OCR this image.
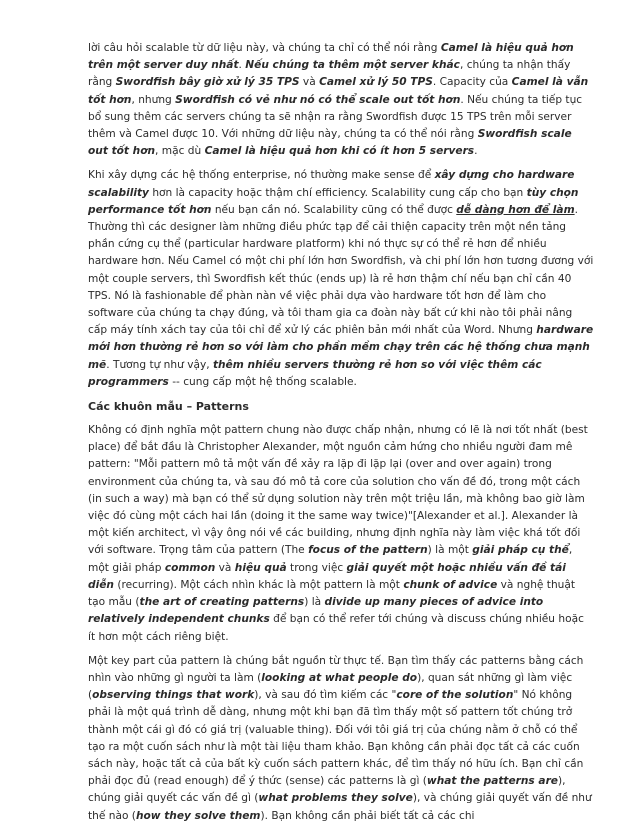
lời câu hỏi scalable từ dữ liệu này, và chúng ta chỉ có thể nói rằng Camel là hiệu quả hơn trên một server duy nhất. Nếu chúng ta thêm một server khác, chúng ta nhận thấy rằng Swordfish bây giờ xử lý 35 TPS và Camel xử lý 50 TPS. Capacity của Camel là vẫn tốt hơn, nhưng Swordfish có vẻ như nó có thể scale out tốt hơn. Nếu chúng ta tiếp tục bổ sung thêm các servers chúng ta sẽ nhận ra rằng Swordfish được 15 TPS trên mỗi server thêm và Camel được 10. Với những dữ liệu này, chúng ta có thể nói rằng Swordfish scale out tốt hơn, mặc dù Camel là hiệu quả hơn khi có ít hơn 5 servers.

Khi xây dựng các hệ thống enterprise, nó thường make sense để xây dựng cho hardware scalability hơn là capacity hoặc thậm chí efficiency. Scalability cung cấp cho bạn tùy chọn performance tốt hơn nếu bạn cần nó. Scalability cũng có thể được dễ dàng hơn để làm. Thường thì các designer làm những điều phức tạp để cải thiện capacity trên một nền tảng phần cứng cụ thể (particular hardware platform) khi nó thực sự có thể rẻ hơn để nhiều hardware hơn. Nếu Camel có một chi phí lớn hơn Swordfish, và chi phí lớn hơn tương đương với một couple servers, thì Swordfish kết thúc (ends up) là rẻ hơn thậm chí nếu bạn chỉ cần 40 TPS. Nó là fashionable để phàn nàn về việc phải dựa vào hardware tốt hơn để làm cho software của chúng ta chạy đúng, và tôi tham gia ca đoàn này bất cứ khi nào tôi phải nâng cấp máy tính xách tay của tôi chỉ để xử lý các phiên bản mới nhất của Word. Nhưng hardware mới hơn thường rẻ hơn so với làm cho phần mềm chạy trên các hệ thống chưa mạnh mẽ. Tương tự như vậy, thêm nhiều servers thường rẻ hơn so với việc thêm các programmers -- cung cấp một hệ thống scalable.

Các khuôn mẫu – Patterns

Không có định nghĩa một pattern chung nào được chấp nhận, nhưng có lẽ là nơi tốt nhất (best place) để bắt đầu là Christopher Alexander, một nguồn cảm hứng cho nhiều người đam mê pattern: "Mỗi pattern mô tả một vấn đề xảy ra lặp đi lặp lại (over and over again) trong environment của chúng ta, và sau đó mô tả core của solution cho vấn đề đó, trong một cách (in such a way) mà bạn có thể sử dụng solution này trên một triệu lần, mà không bao giờ làm việc đó cùng một cách hai lần (doing it the same way twice)"[Alexander et al.]. Alexander là một kiến architect, vì vậy ông nói về các building, nhưng định nghĩa này làm việc khá tốt đối với software. Trọng tâm của pattern (The focus of the pattern) là một giải pháp cụ thể, một giải pháp common và hiệu quả trong việc giải quyết một hoặc nhiều vấn đề tái diễn (recurring). Một cách nhìn khác là một pattern là một chunk of advice và nghệ thuật tạo mẫu (the art of creating patterns) là divide up many pieces of advice into relatively independent chunks để bạn có thể refer tới chúng và discuss chúng nhiều hoặc ít hơn một cách riêng biệt.

Một key part của pattern là chúng bắt nguồn từ thực tế. Bạn tìm thấy các patterns bằng cách nhìn vào những gì người ta làm (looking at what people do), quan sát những gì làm việc (observing things that work), và sau đó tìm kiếm các "core of the solution" Nó không phải là một quá trình dễ dàng, nhưng một khi bạn đã tìm thấy một số pattern tốt chúng trở thành một cái gì đó có giá trị (valuable thing). Đối với tôi giá trị của chúng nằm ở chỗ có thể tạo ra một cuốn sách như là một tài liệu tham khảo. Bạn không cần phải đọc tất cả các cuốn sách này, hoặc tất cả của bất kỳ cuốn sách pattern khác, để tìm thấy nó hữu ích. Bạn chỉ cần phải đọc đủ (read enough) để ý thức (sense) các patterns là gì (what the patterns are), chúng giải quyết các vấn đề gì (what problems they solve), và chúng giải quyết vấn đề như thế nào (how they solve them). Bạn không cần phải biết tất cả các chi
